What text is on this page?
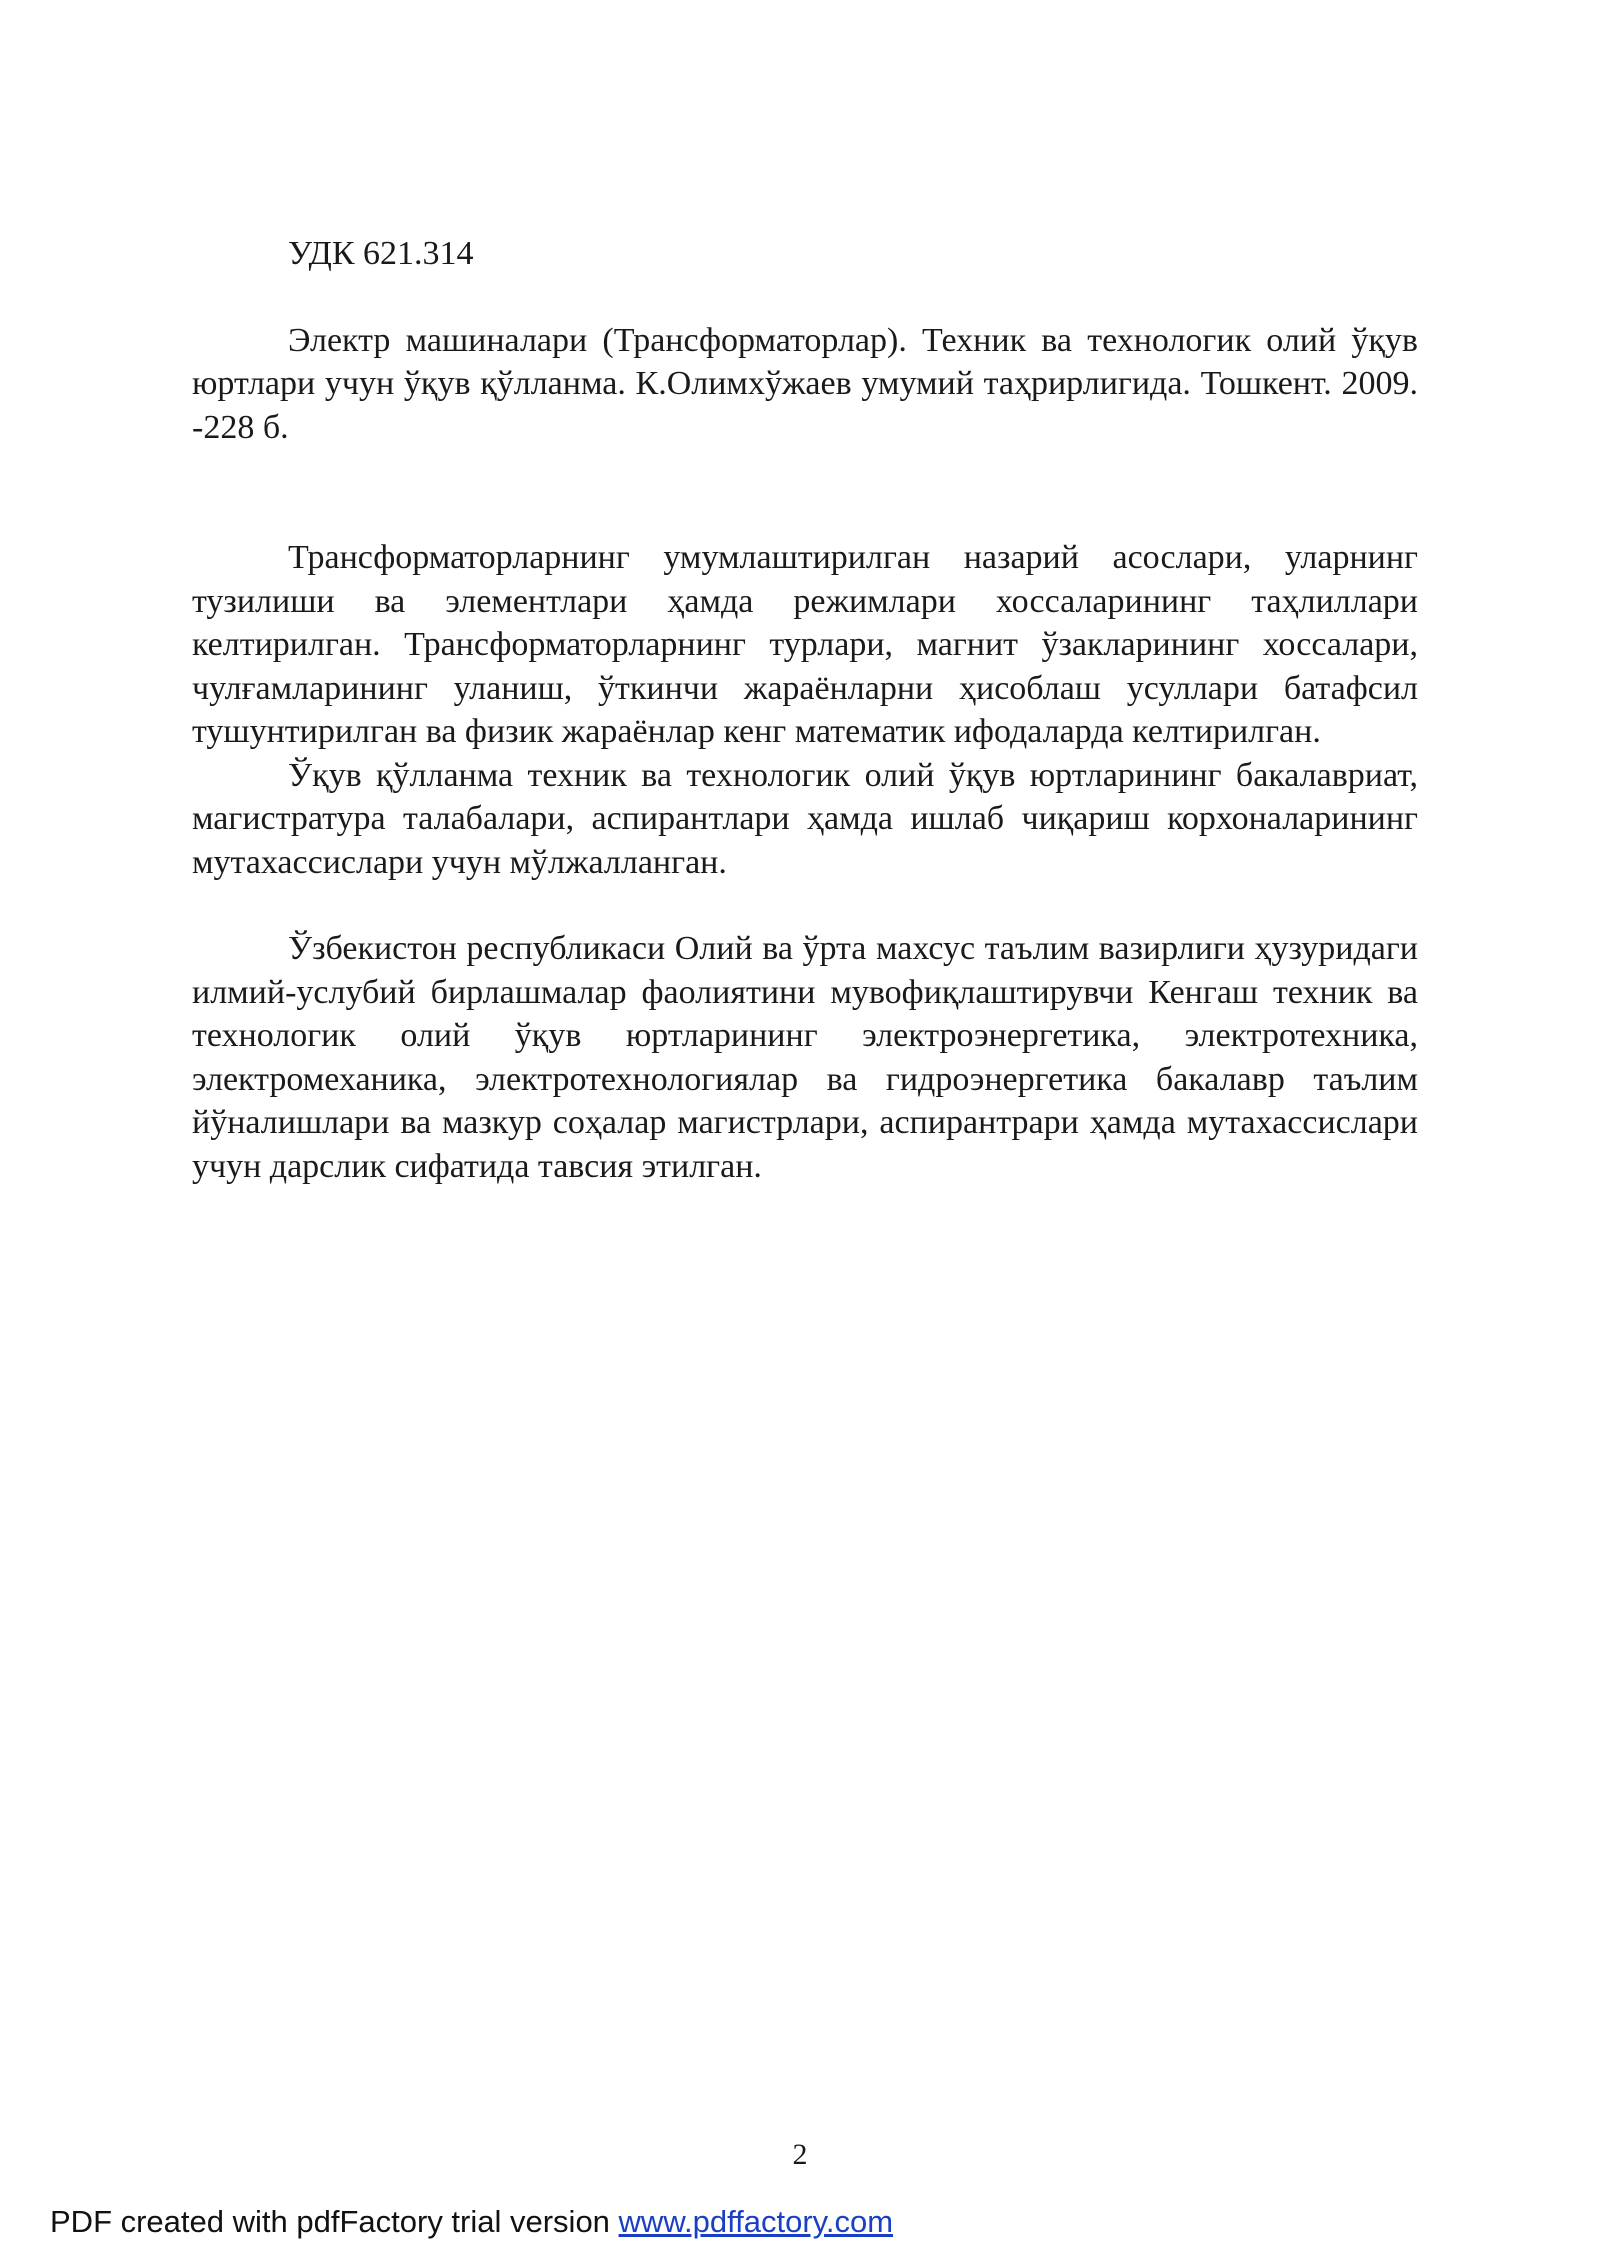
УДК 621.314

Электр машиналари (Трансформаторлар). Техник ва технологик олий ўқув юртлари учун ўқув қўлланма. К.Олимхўжаев умумий таҳрирлигида. Тошкент. 2009. -228 б.

Трансформаторларнинг умумлаштирилган назарий асослари, уларнинг тузилиши ва элементлари ҳамда режимлари хоссаларининг таҳлиллари келтирилган. Трансформаторларнинг турлари, магнит ўзакларининг хоссалари, чулғамларининг уланиш, ўткинчи жараёнларни ҳисоблаш усуллари батафсил тушунтирилган ва физик жараёнлар кенг математик ифодаларда келтирилган.

Ўқув қўлланма техник ва технологик олий ўқув юртларининг бакалавриат, магистратура талабалари, аспирантлари ҳамда ишлаб чиқариш корхоналарининг мутахассислари учун мўлжалланган.

Ўзбекистон республикаси Олий ва ўрта махсус таълим вазирлиги ҳузуридаги илмий-услубий бирлашмалар фаолиятини мувофиқлаштирувчи Кенгаш техник ва технологик олий ўқув юртларининг электроэнергетика, электротехника, электромеханика, электротехнологиялар ва гидроэнергетика бакалавр таълим йўналишлари ва мазкур соҳалар магистрлари, аспирантрари ҳамда мутахассислари учун дарслик сифатида тавсия этилган.

2
PDF created with pdfFactory trial version www.pdffactory.com
